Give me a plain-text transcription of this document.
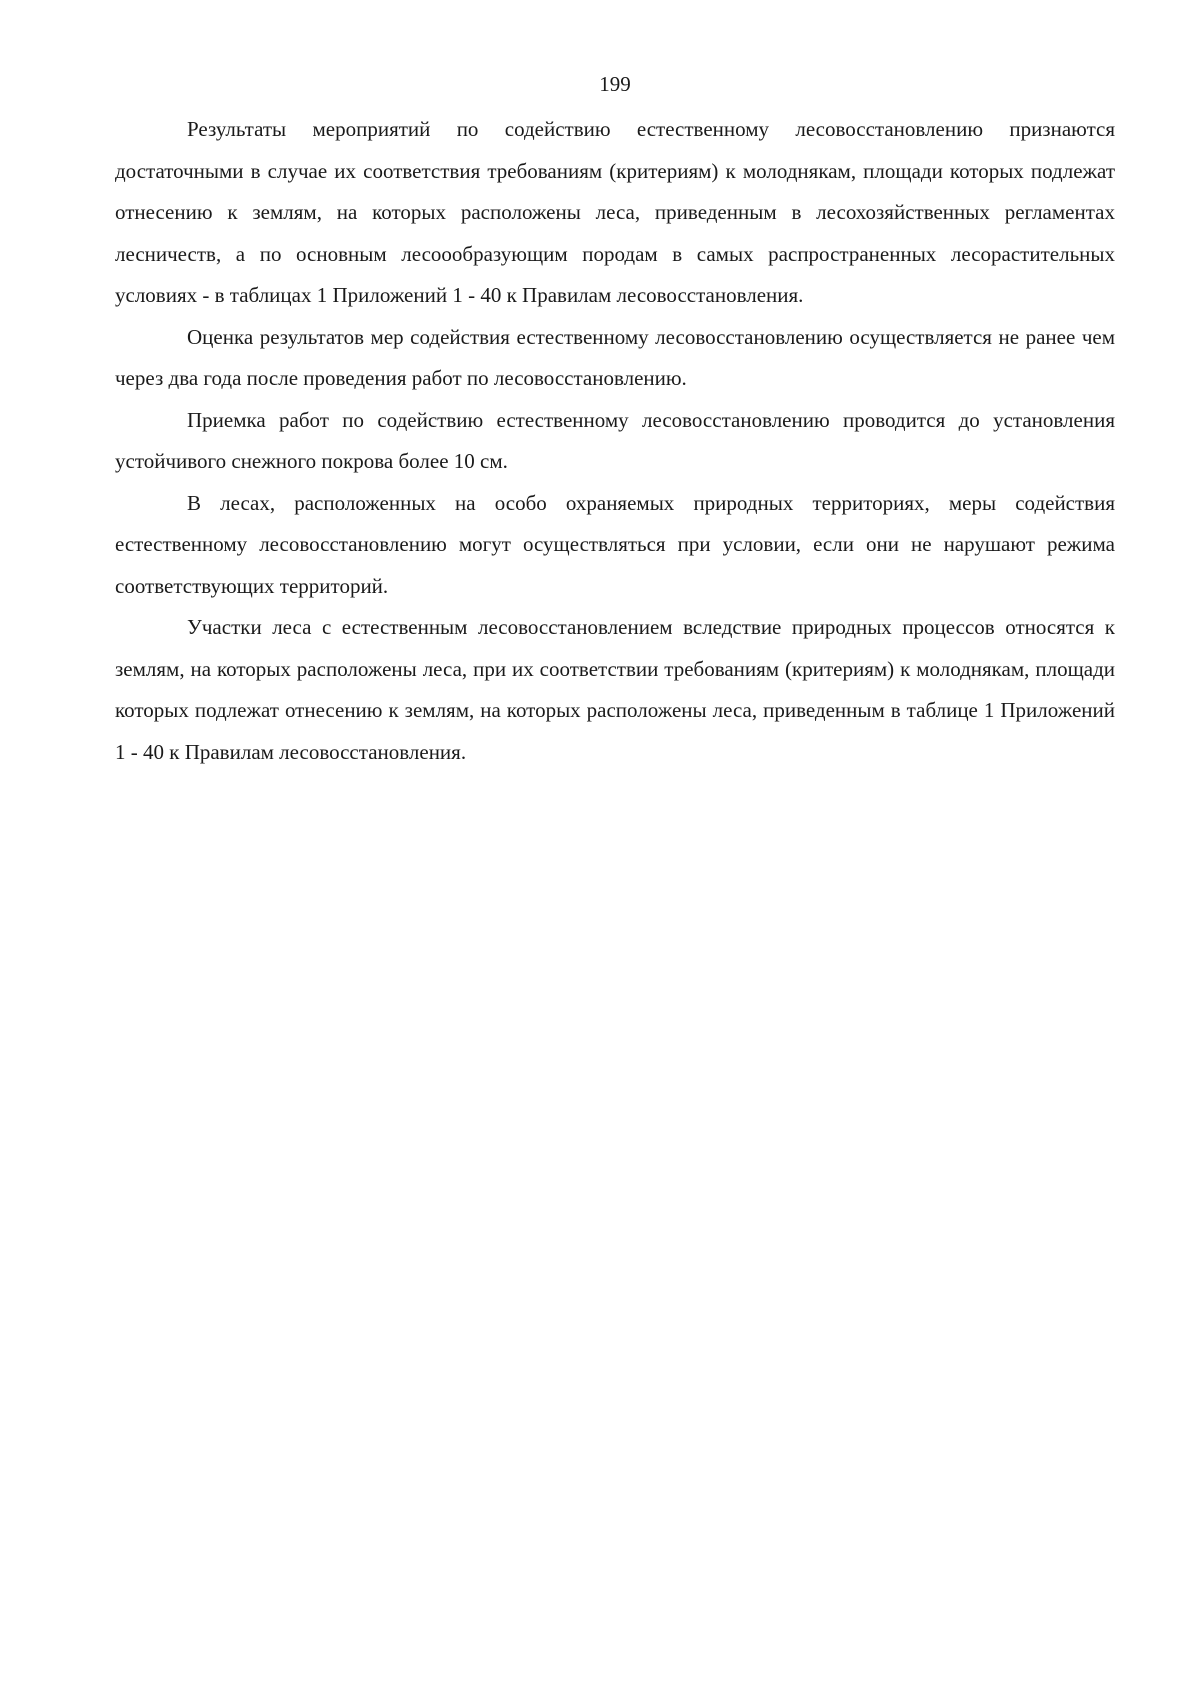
199

Результаты мероприятий по содействию естественному лесовосстановлению признаются достаточными в случае их соответствия требованиям (критериям) к молоднякам, площади которых подлежат отнесению к землям, на которых расположены леса, приведенным в лесохозяйственных регламентах лесничеств, а по основным лесоообразующим породам в самых распространенных лесорастительных условиях - в таблицах 1 Приложений 1 - 40 к Правилам лесовосстановления.

Оценка результатов мер содействия естественному лесовосстановлению осуществляется не ранее чем через два года после проведения работ по лесовосстановлению.

Приемка работ по содействию естественному лесовосстановлению проводится до установления устойчивого снежного покрова более 10 см.

В лесах, расположенных на особо охраняемых природных территориях, меры содействия естественному лесовосстановлению могут осуществляться при условии, если они не нарушают режима соответствующих территорий.

Участки леса с естественным лесовосстановлением вследствие природных процессов относятся к землям, на которых расположены леса, при их соответствии требованиям (критериям) к молоднякам, площади которых подлежат отнесению к землям, на которых расположены леса, приведенным в таблице 1 Приложений 1 - 40 к Правилам лесовосстановления.
